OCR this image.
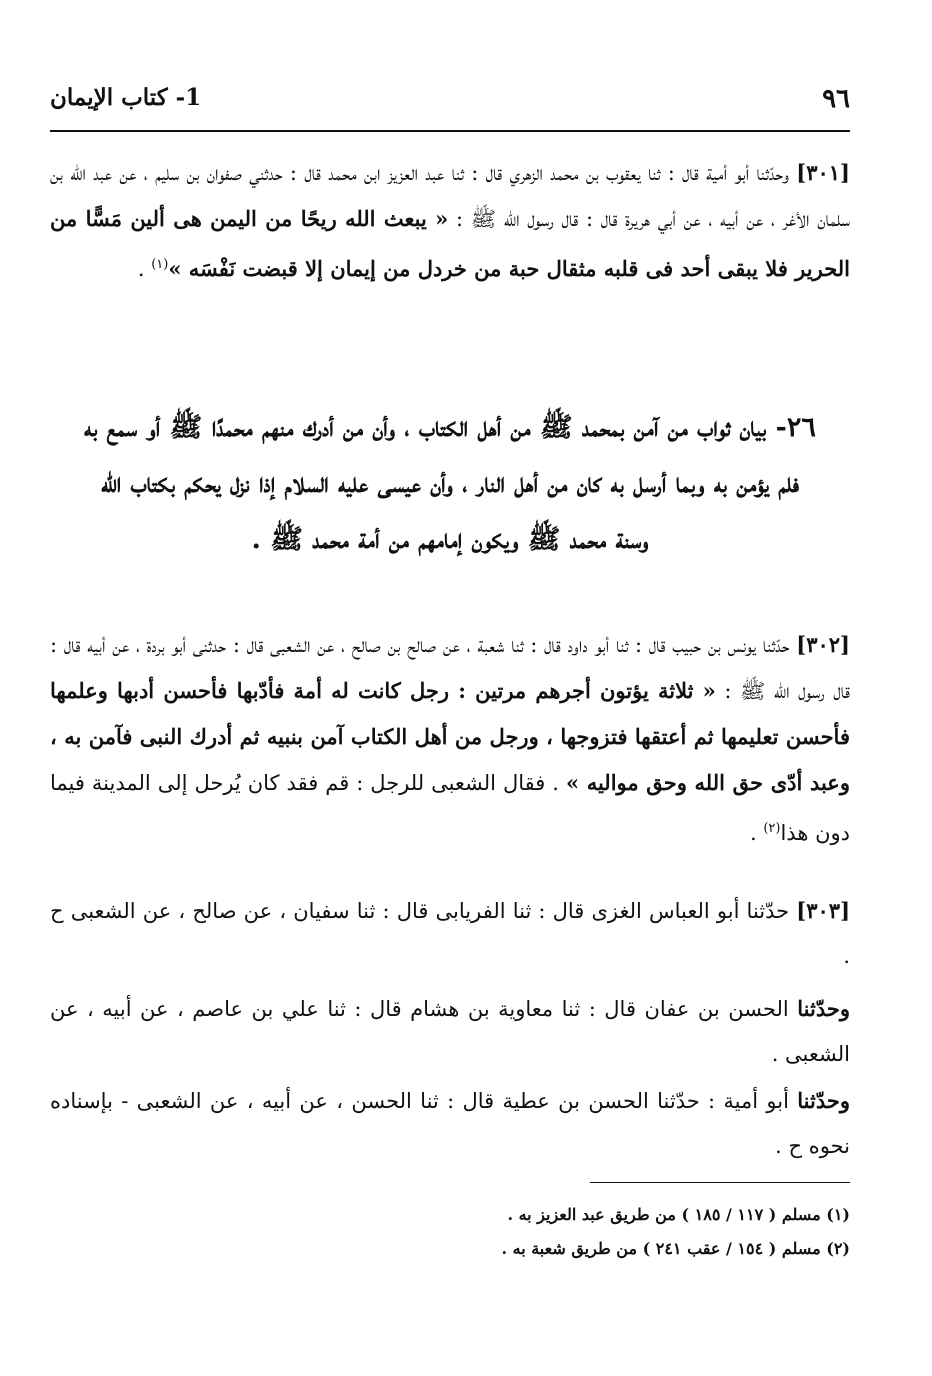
٩٦
1- كتاب الإيمان
[٣٠١] وحدّثنا أبو أمية قال : ثنا يعقوب بن محمد الزهري قال : ثنا عبد العزيز ابن محمد قال : حدثني صفوان بن سليم ، عن عبد الله بن سلمان الأغر ، عن أبيه ، عن أبي هريرة قال : قال رسول الله ﷺ : « يبعث الله ريحًا من اليمن هى ألين مَسًّا من الحرير فلا يبقى أحد فى قلبه مثقال حبة من خردل من إيمان إلا قبضت نَفْسَه »$^{(١)}$ .
٢٦- بيان ثواب من آمن بمحمد ﷺ من أهل الكتاب ، وأن من أدرك منهم محمدًا ﷺ أو سمع به فلم يؤمن به وبما أرسل به كان من أهل النار ، وأن عيسى عليه السلام إذا نزل يحكم بكتاب الله وسنة محمد ﷺ ويكون إمامهم من أمة محمد ﷺ .
[٣٠٢] حدّثنا يونس بن حبيب قال : ثنا أبو داود قال : ثنا شعبة ، عن صالح بن صالح ، عن الشعبى قال : حدثنى أبو بردة ، عن أبيه قال : قال رسول الله ﷺ : « ثلاثة يؤتون أجرهم مرتين : رجل كانت له أمة فأدّبها فأحسن أدبها وعلمها فأحسن تعليمها ثم أعتقها فتزوجها ، ورجل من أهل الكتاب آمن بنبيه ثم أدرك النبى فآمن به ، وعبد أدّى حق الله وحق مواليه » . فقال الشعبى للرجل : قم فقد كان يُرحل إلى المدينة فيما دون هذا$^{(٢)}$ .
[٣٠٣] حدّثنا أبو العباس الغزى قال : ثنا الفريابى قال : ثنا سفيان ، عن صالح ، عن الشعبى ح .
وحدّثنا الحسن بن عفان قال : ثنا معاوية بن هشام قال : ثنا علي بن عاصم ، عن أبيه ، عن الشعبى .
وحدّثنا أبو أمية : حدّثنا الحسن بن عطية قال : ثنا الحسن ، عن أبيه ، عن الشعبى - بإسناده نحوه ح .
(١) مسلم ( ١١٧ / ١٨٥ ) من طريق عبد العزيز به .
(٢) مسلم ( ١٥٤ / عقب ٢٤١ ) من طريق شعبة به .
